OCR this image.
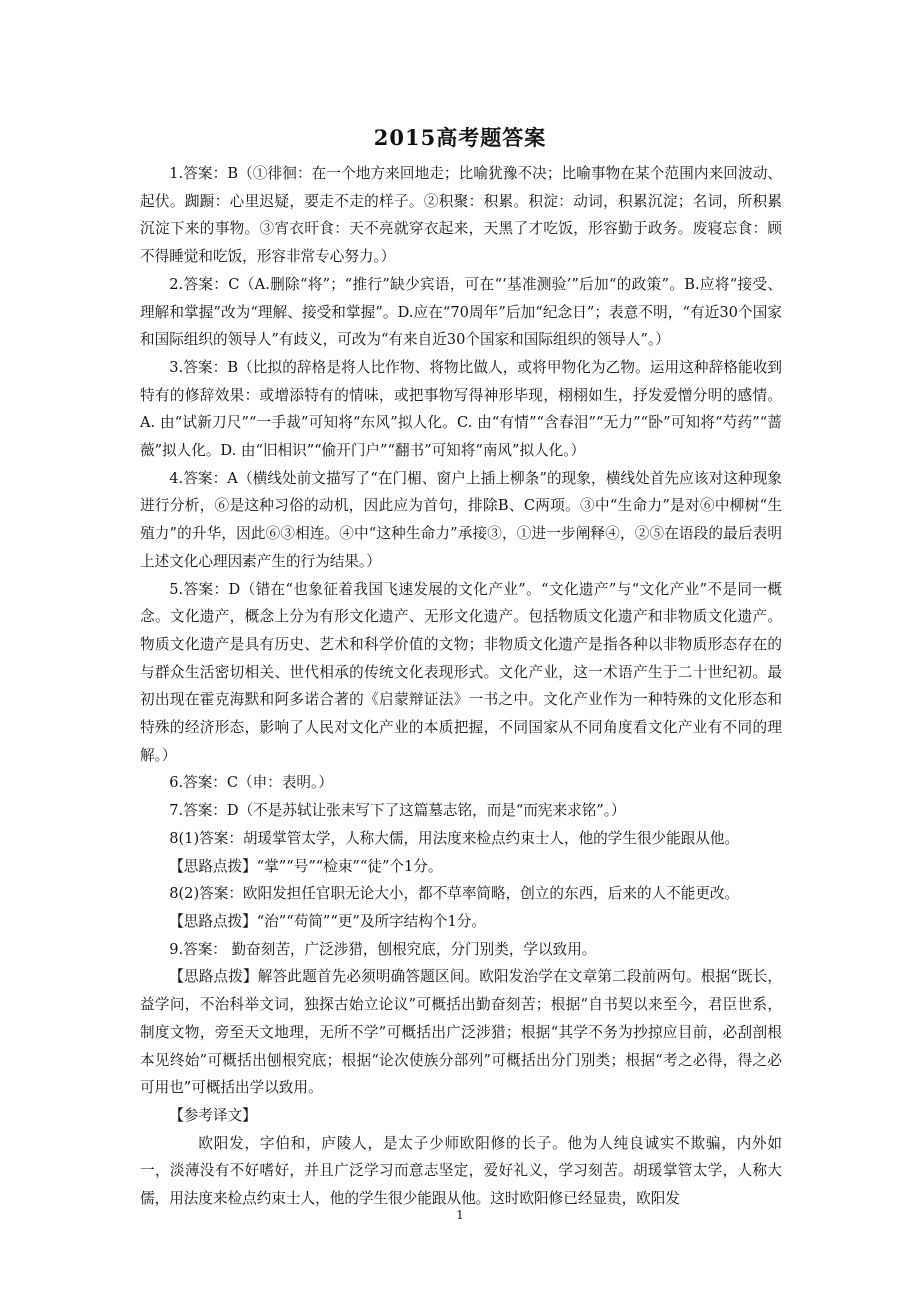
2015高考题答案

1.答案：B（①徘徊：在一个地方来回地走；比喻犹豫不决；比喻事物在某个范围内来回波动、起伏。踟蹰：心里迟疑，要走不走的样子。②积聚：积累。积淀：动词，积累沉淀；名词，所积累沉淀下来的事物。③宵衣旰食：天不亮就穿衣起来，天黑了才吃饭，形容勤于政务。废寝忘食：顾不得睡觉和吃饭，形容非常专心努力。）

2.答案：C（A.删除“将”；“推行”缺少宾语，可在“‘基准测验’”后加“的政策”。B.应将“接受、理解和掌握”改为“理解、接受和掌握”。D.应在“70周年”后加“纪念日”；表意不明，“有近30个国家和国际组织的领导人”有歧义，可改为“有来自近30个国家和国际组织的领导人”。）

3.答案：B（比拟的辞格是将人比作物、将物比做人，或将甲物化为乙物。运用这种辞格能收到特有的修辞效果：或增添特有的情味，或把事物写得神形毕现，栩栩如生，抒发爱憎分明的感情。A. 由“试新刀尺”“一手裁”可知将“东风”拟人化。C. 由“有情”“含春泪”“无力”“卧”可知将“芍药”“蔷薇”拟人化。D. 由“旧相识”“偷开门户”“翻书”可知将“南风”拟人化。）

4.答案：A（横线处前文描写了“在门楣、窗户上插上柳条”的现象，横线处首先应该对这种现象进行分析，⑥是这种习俗的动机，因此应为首句，排除B、C两项。③中“生命力”是对⑥中柳树“生殖力”的升华，因此⑥③相连。④中“这种生命力”承接③，①进一步阐释④，②⑤在语段的最后表明上述文化心理因素产生的行为结果。）

5.答案：D（错在“也象征着我国飞速发展的文化产业”。“文化遗产”与“文化产业”不是同一概念。文化遗产，概念上分为有形文化遗产、无形文化遗产。包括物质文化遗产和非物质文化遗产。物质文化遗产是具有历史、艺术和科学价值的文物；非物质文化遗产是指各种以非物质形态存在的与群众生活密切相关、世代相承的传统文化表现形式。文化产业，这一术语产生于二十世纪初。最初出现在霍克海默和阿多诺合著的《启蒙辩证法》一书之中。文化产业作为一种特殊的文化形态和特殊的经济形态，影响了人民对文化产业的本质把握，不同国家从不同角度看文化产业有不同的理解。）

6.答案：C（申：表明。）

7.答案：D（不是苏轼让张耒写下了这篇墓志铭，而是“而宪来求铭”。）

8(1)答案：胡瑗掌管太学，人称大儒，用法度来检点约束士人，他的学生很少能跟从他。

【思路点拨】“掌”“号”“检束”“徒”个1分。

8(2)答案：欧阳发担任官职无论大小，都不草率简略，创立的东西，后来的人不能更改。

【思路点拨】“治”“苟简”“更”及所字结构个1分。

9.答案： 勤奋刻苦，广泛涉猎，刨根究底，分门别类，学以致用。

【思路点拨】解答此题首先必须明确答题区间。欧阳发治学在文章第二段前两句。根据“既长，益学问，不治科举文词，独探古始立论议”可概括出勤奋刻苦；根据“自书契以来至今，君臣世系，制度文物，旁至天文地理，无所不学”可概括出广泛涉猎；根据“其学不务为抄掠应目前，必刮剖根本见终始”可概括出刨根究底；根据“论次使族分部列”可概括出分门别类；根据“考之必得，得之必可用也”可概括出学以致用。

【参考译文】

欧阳发，字伯和，庐陵人，是太子少师欧阳修的长子。他为人纯良诚实不欺骗，内外如一，淡薄没有不好嗜好，并且广泛学习而意志坚定，爱好礼义，学习刻苦。胡瑗掌管太学，人称大儒，用法度来检点约束士人，他的学生很少能跟从他。这时欧阳修已经显贵，欧阳发

1
